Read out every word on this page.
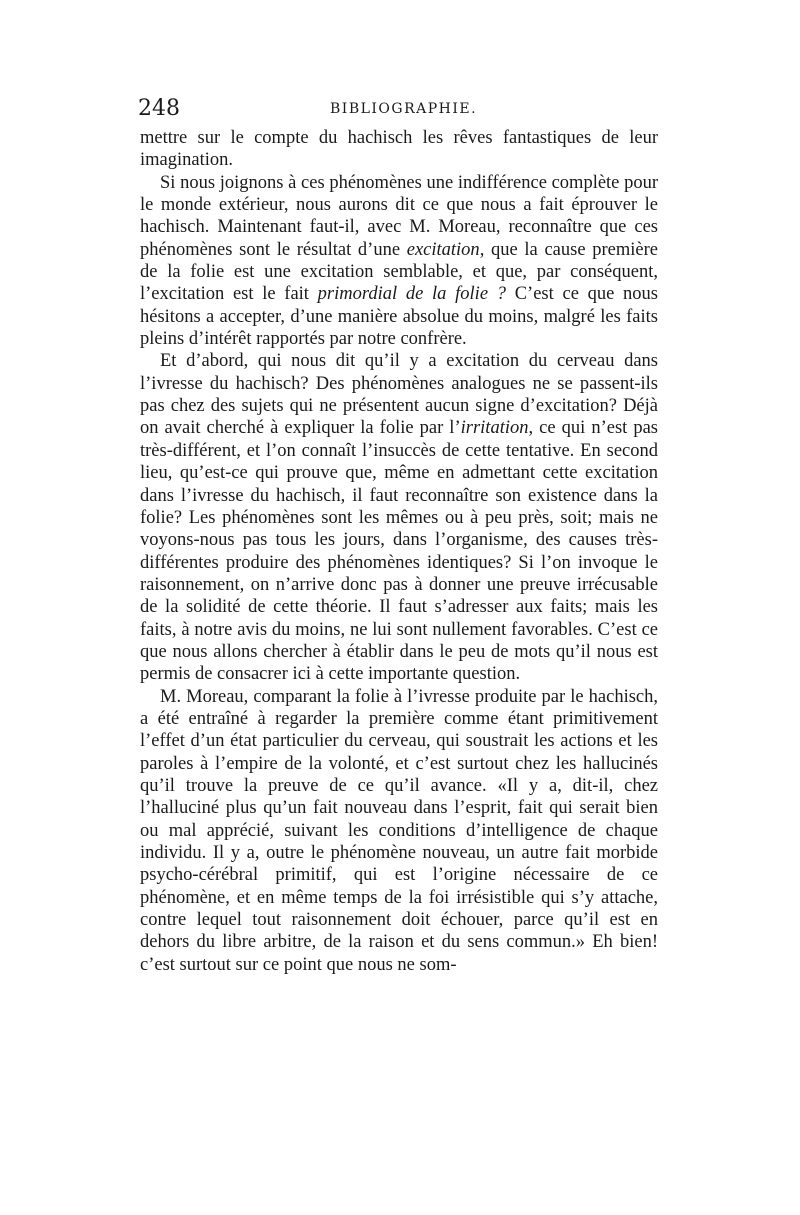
248	BIBLIOGRAPHIE.

mettre sur le compte du hachisch les rêves fantastiques de leur imagination.

Si nous joignons à ces phénomènes une indifférence complète pour le monde extérieur, nous aurons dit ce que nous a fait éprouver le hachisch. Maintenant faut-il, avec M. Moreau, reconnaître que ces phénomènes sont le résultat d’une excitation, que la cause première de la folie est une excitation semblable, et que, par conséquent, l’excitation est le fait primordial de la folie ? C’est ce que nous hésitons a accepter, d’une manière absolue du moins, malgré les faits pleins d’intérêt rapportés par notre confrère.

Et d’abord, qui nous dit qu’il y a excitation du cerveau dans l’ivresse du hachisch? Des phénomènes analogues ne se passent-ils pas chez des sujets qui ne présentent aucun signe d’excitation? Déjà on avait cherché à expliquer la folie par l’irritation, ce qui n’est pas très-différent, et l’on connaît l’insuccès de cette tentative. En second lieu, qu’est-ce qui prouve que, même en admettant cette excitation dans l’ivresse du hachisch, il faut reconnaître son existence dans la folie? Les phénomènes sont les mêmes ou à peu près, soit; mais ne voyons-nous pas tous les jours, dans l’organisme, des causes très-différentes produire des phénomènes identiques? Si l’on invoque le raisonnement, on n’arrive donc pas à donner une preuve irrécusable de la solidité de cette théorie. Il faut s’adresser aux faits; mais les faits, à notre avis du moins, ne lui sont nullement favorables. C’est ce que nous allons chercher à établir dans le peu de mots qu’il nous est permis de consacrer ici à cette importante question.

M. Moreau, comparant la folie à l’ivresse produite par le hachisch, a été entraîné à regarder la première comme étant primitivement l’effet d’un état particulier du cerveau, qui soustrait les actions et les paroles à l’empire de la volonté, et c’est surtout chez les hallucinés qu’il trouve la preuve de ce qu’il avance. «Il y a, dit-il, chez l’halluciné plus qu’un fait nouveau dans l’esprit, fait qui serait bien ou mal apprécié, suivant les conditions d’intelligence de chaque individu. Il y a, outre le phénomène nouveau, un autre fait morbide psycho-cérébral primitif, qui est l’origine nécessaire de ce phénomène, et en même temps de la foi irrésistible qui s’y attache, contre lequel tout raisonnement doit échouer, parce qu’il est en dehors du libre arbitre, de la raison et du sens commun.» Eh bien! c’est surtout sur ce point que nous ne som-
